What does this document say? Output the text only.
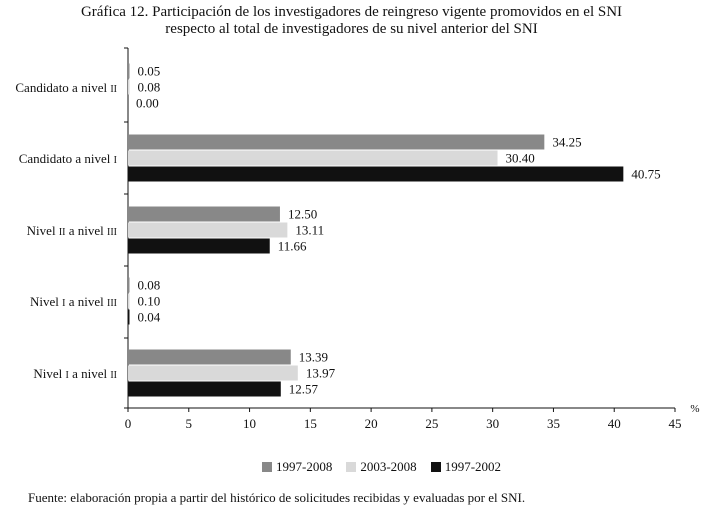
Gráfica 12. Participación de los investigadores de reingreso vigente promovidos en el SNI
respecto al total de investigadores de su nivel anterior del SNI
0	5	10	15	20	25	30	35	40	45
%
Candidato a nivel II
Candidato a nivel I
Nivel II a nivel III
Nivel I a nivel III
Nivel I a nivel II
0.05
0.08
0.00
34.25
30.40
40.75
12.50
13.11
11.66
0.08
0.10
0.04
13.39
13.97
12.57
1997-2008 2003-2008 1997-2002
Fuente: elaboración propia a partir del histórico de solicitudes recibidas y evaluadas por el SNI.
